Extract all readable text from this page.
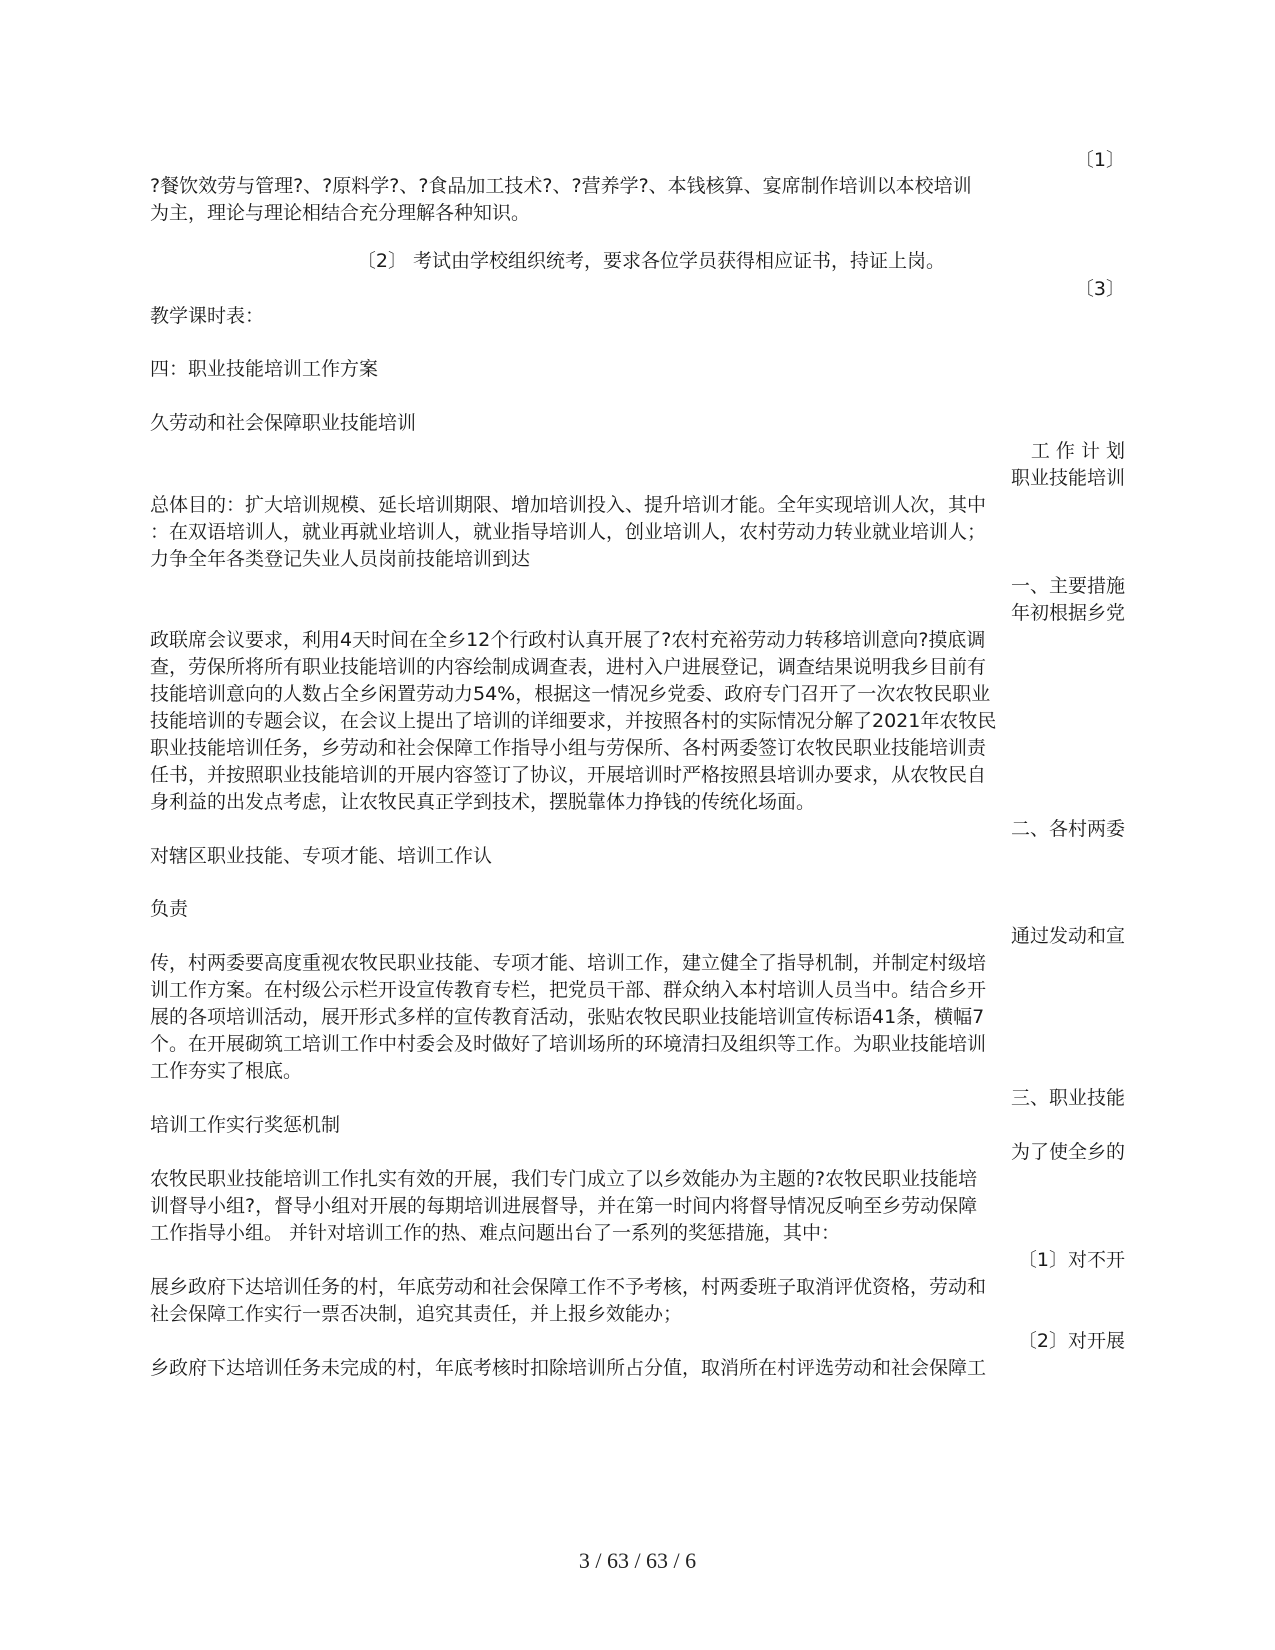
〔1〕
?餐饮效劳与管理?、?原料学?、?食品加工技术?、?营养学?、本钱核算、宴席制作培训以本校培训
为主，理论与理论相结合充分理解各种知识。
〔2〕 考试由学校组织统考，要求各位学员获得相应证书，持证上岗。
〔3〕
教学课时表：
四：职业技能培训工作方案
久劳动和社会保障职业技能培训
工 作 计 划
职业技能培训
总体目的：扩大培训规模、延长培训期限、增加培训投入、提升培训才能。全年实现培训人次，其中
：在双语培训人，就业再就业培训人，就业指导培训人，创业培训人，农村劳动力转业就业培训人；
力争全年各类登记失业人员岗前技能培训到达
一、主要措施
年初根据乡党
政联席会议要求，利用4天时间在全乡12个行政村认真开展了?农村充裕劳动力转移培训意向?摸底调
查，劳保所将所有职业技能培训的内容绘制成调查表，进村入户进展登记，调查结果说明我乡目前有
技能培训意向的人数占全乡闲置劳动力54%，根据这一情况乡党委、政府专门召开了一次农牧民职业
技能培训的专题会议，在会议上提出了培训的详细要求，并按照各村的实际情况分解了2021年农牧民
职业技能培训任务，乡劳动和社会保障工作指导小组与劳保所、各村两委签订农牧民职业技能培训责
任书，并按照职业技能培训的开展内容签订了协议，开展培训时严格按照县培训办要求，从农牧民自
身利益的出发点考虑，让农牧民真正学到技术，摆脱靠体力挣钱的传统化场面。
二、各村两委
对辖区职业技能、专项才能、培训工作认
负责
通过发动和宣
传，村两委要高度重视农牧民职业技能、专项才能、培训工作，建立健全了指导机制，并制定村级培
训工作方案。在村级公示栏开设宣传教育专栏，把党员干部、群众纳入本村培训人员当中。结合乡开
展的各项培训活动，展开形式多样的宣传教育活动，张贴农牧民职业技能培训宣传标语41条，横幅7
个。在开展砌筑工培训工作中村委会及时做好了培训场所的环境清扫及组织等工作。为职业技能培训
工作夯实了根底。
三、职业技能
培训工作实行奖惩机制
为了使全乡的
农牧民职业技能培训工作扎实有效的开展，我们专门成立了以乡效能办为主题的?农牧民职业技能培
训督导小组?，督导小组对开展的每期培训进展督导，并在第一时间内将督导情况反响至乡劳动保障
工作指导小组。 并针对培训工作的热、难点问题出台了一系列的奖惩措施，其中：
〔1〕对不开
展乡政府下达培训任务的村，年底劳动和社会保障工作不予考核，村两委班子取消评优资格，劳动和
社会保障工作实行一票否决制，追究其责任，并上报乡效能办；
〔2〕对开展
乡政府下达培训任务未完成的村，年底考核时扣除培训所占分值，取消所在村评选劳动和社会保障工
3 / 63 / 63 / 6
